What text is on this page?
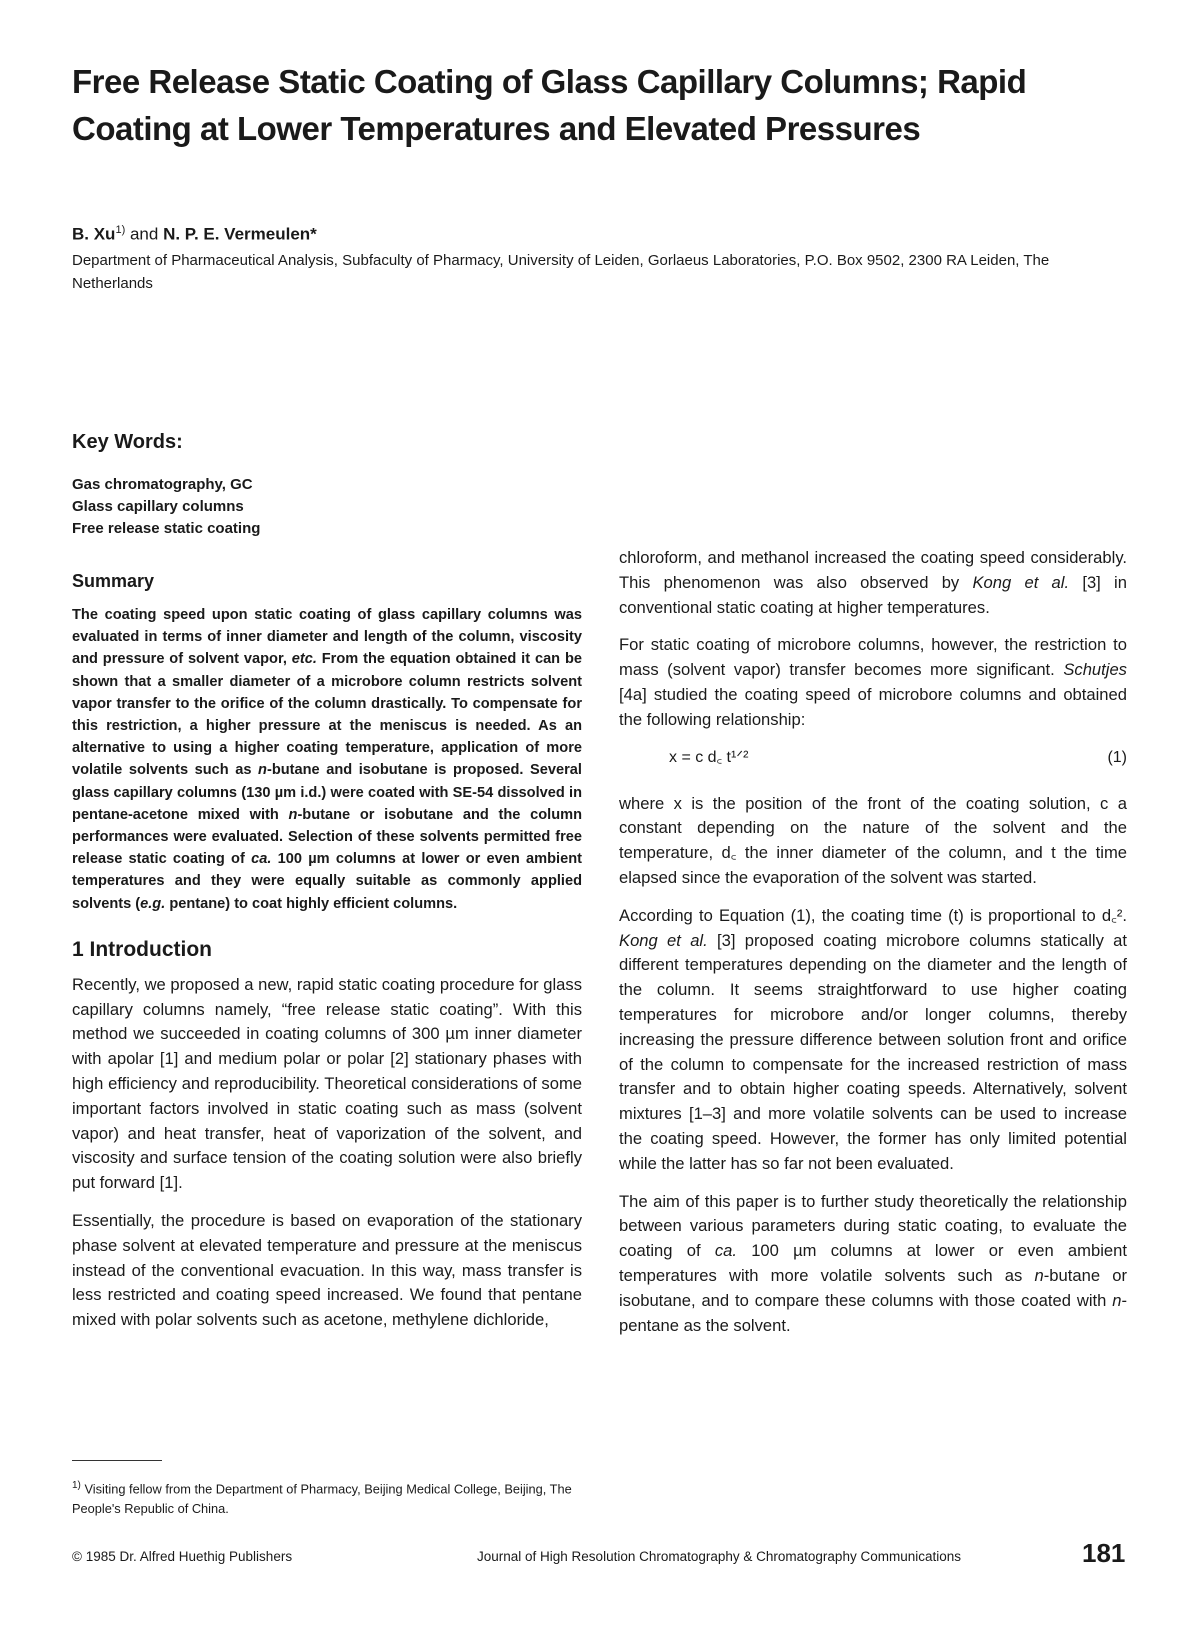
Free Release Static Coating of Glass Capillary Columns; Rapid Coating at Lower Temperatures and Elevated Pressures

B. Xu$^{1)}$ and N. P. E. Vermeulen*

Department of Pharmaceutical Analysis, Subfaculty of Pharmacy, University of Leiden, Gorlaeus Laboratories, P.O. Box 9502, 2300 RA Leiden, The Netherlands

Key Words:
Gas chromatography, GC
Glass capillary columns
Free release static coating
Summary

The coating speed upon static coating of glass capillary columns was evaluated in terms of inner diameter and length of the column, viscosity and pressure of solvent vapor, etc. From the equation obtained it can be shown that a smaller diameter of a microbore column restricts solvent vapor transfer to the orifice of the column drastically. To compensate for this restriction, a higher pressure at the meniscus is needed. As an alternative to using a higher coating temperature, application of more volatile solvents such as n-butane and isobutane is proposed. Several glass capillary columns (130 µm i.d.) were coated with SE-54 dissolved in pentane-acetone mixed with n-butane or isobutane and the column performances were evaluated. Selection of these solvents permitted free release static coating of ca. 100 µm columns at lower or even ambient temperatures and they were equally suitable as commonly applied solvents (e.g. pentane) to coat highly efficient columns.

1 Introduction

Recently, we proposed a new, rapid static coating procedure for glass capillary columns namely, “free release static coating”. With this method we succeeded in coating columns of 300 µm inner diameter with apolar [1] and medium polar or polar [2] stationary phases with high efficiency and reproducibility. Theoretical considerations of some important factors involved in static coating such as mass (solvent vapor) and heat transfer, heat of vaporization of the solvent, and viscosity and surface tension of the coating solution were also briefly put forward [1].

Essentially, the procedure is based on evaporation of the stationary phase solvent at elevated temperature and pressure at the meniscus instead of the conventional evacuation. In this way, mass transfer is less restricted and coating speed increased. We found that pentane mixed with polar solvents such as acetone, methylene dichloride,

chloroform, and methanol increased the coating speed considerably. This phenomenon was also observed by Kong et al. [3] in conventional static coating at higher temperatures.

For static coating of microbore columns, however, the restriction to mass (solvent vapor) transfer becomes more significant. Schutjes [4a] studied the coating speed of microbore columns and obtained the following relationship:

x = c d꜀ t¹ᐟ²	(1)

where x is the position of the front of the coating solution, c a constant depending on the nature of the solvent and the temperature, d꜀ the inner diameter of the column, and t the time elapsed since the evaporation of the solvent was started.

According to Equation (1), the coating time (t) is proportional to d꜀². Kong et al. [3] proposed coating microbore columns statically at different temperatures depending on the diameter and the length of the column. It seems straightforward to use higher coating temperatures for microbore and/or longer columns, thereby increasing the pressure difference between solution front and orifice of the column to compensate for the increased restriction of mass transfer and to obtain higher coating speeds. Alternatively, solvent mixtures [1–3] and more volatile solvents can be used to increase the coating speed. However, the former has only limited potential while the latter has so far not been evaluated.

The aim of this paper is to further study theoretically the relationship between various parameters during static coating, to evaluate the coating of ca. 100 µm columns at lower or even ambient temperatures with more volatile solvents such as n-butane or isobutane, and to compare these columns with those coated with n-pentane as the solvent.

$^{1)}$ Visiting fellow from the Department of Pharmacy, Beijing Medical College, Beijing, The People's Republic of China.

© 1985 Dr. Alfred Huethig Publishers	Journal of High Resolution Chromatography & Chromatography Communications	181
